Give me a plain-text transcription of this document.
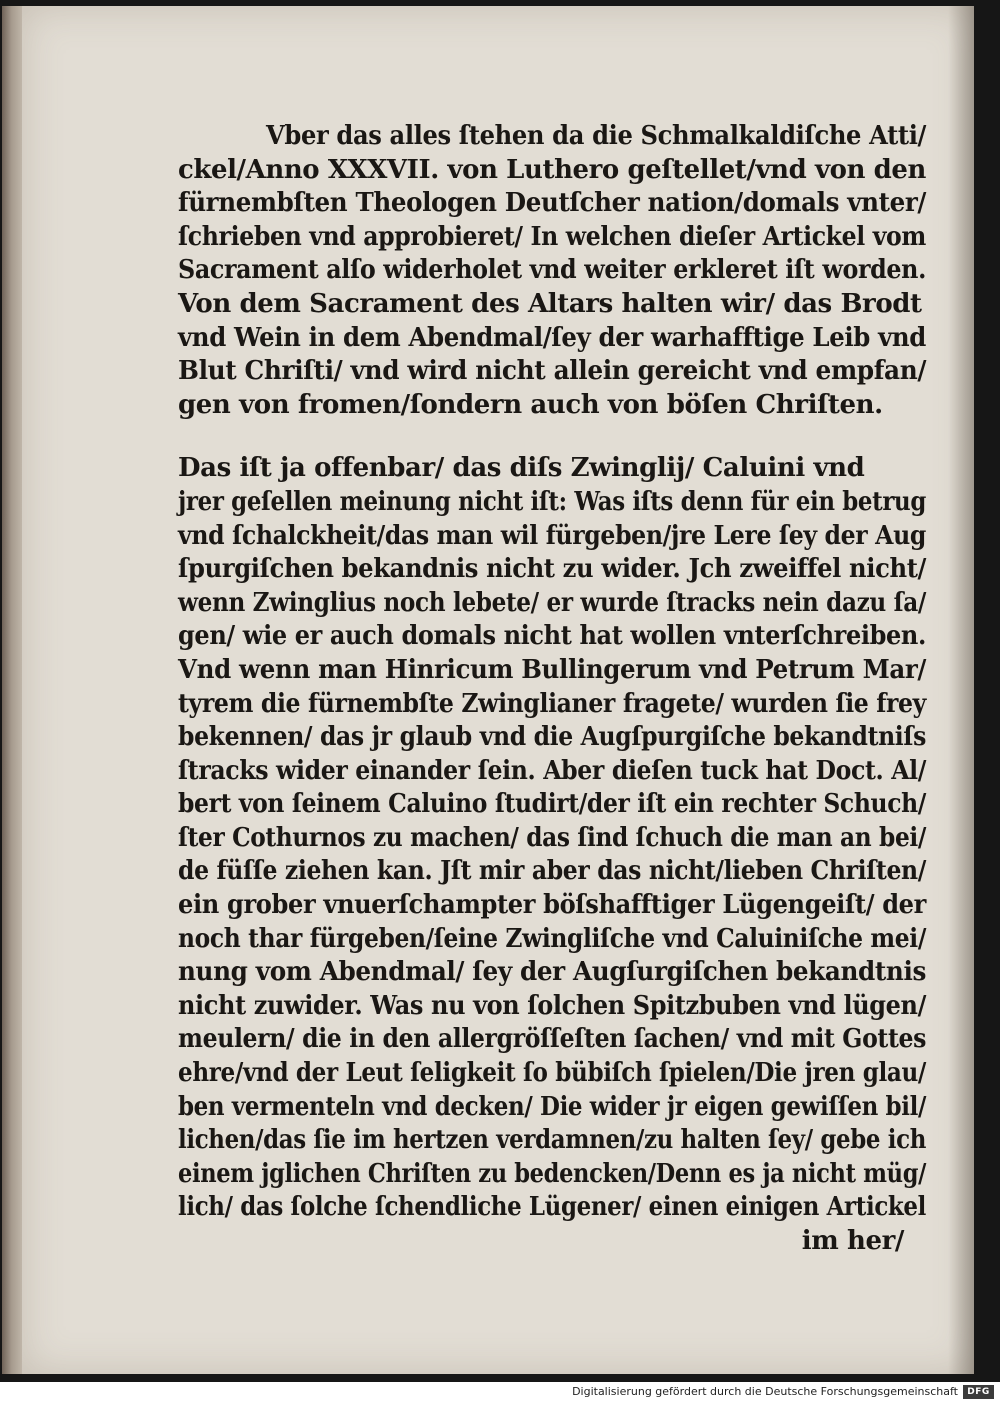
Vber das alles ſtehen da die Schmalkaldiſche Atti/
ckel/Anno XXXVII. von Luthero geſtellet/vnd von den
fürnembſten Theologen Deutſcher nation/domals vnter/
ſchrieben vnd approbieret/ In welchen dieſer Artickel vom
Sacrament alſo widerholet vnd weiter erkleret iſt worden.
Von dem Sacrament des Altars halten wir/ das Brodt
vnd Wein in dem Abendmal/ſey der warhafftige Leib vnd
Blut Chriſti/ vnd wird nicht allein gereicht vnd empfan/
gen von fromen/ſondern auch von böſen Chriſten.
Das iſt ja offenbar/ das diſs Zwinglij/ Caluini vnd
jrer geſellen meinung nicht iſt: Was iſts denn für ein betrug
vnd ſchalckheit/das man wil fürgeben/jre Lere ſey der Aug
ſpurgiſchen bekandnis nicht zu wider. Jch zweiffel nicht/
wenn Zwinglius noch lebete/ er wurde ſtracks nein dazu ſa/
gen/ wie er auch domals nicht hat wollen vnterſchreiben.
Vnd wenn man Hinricum Bullingerum vnd Petrum Mar/
tyrem die fürnembſte Zwinglianer fragete/ wurden ſie frey
bekennen/ das jr glaub vnd die Augſpurgiſche bekandtniſs
ſtracks wider einander ſein. Aber dieſen tuck hat Doct. Al/
bert von ſeinem Caluino ſtudirt/der iſt ein rechter Schuch/
ſter Cothurnos zu machen/ das ſind ſchuch die man an bei/
de füſſe ziehen kan. Jſt mir aber das nicht/lieben Chriſten/
ein grober vnuerſchampter böſshafftiger Lügengeiſt/ der
noch thar fürgeben/ſeine Zwingliſche vnd Caluiniſche mei/
nung vom Abendmal/ ſey der Augſurgiſchen bekandtnis
nicht zuwider. Was nu von ſolchen Spitzbuben vnd lügen/
meulern/ die in den allergröſſeſten ſachen/ vnd mit Gottes
ehre/vnd der Leut ſeligkeit ſo bübiſch ſpielen/Die jren glau/
ben vermenteln vnd decken/ Die wider jr eigen gewiſſen bil/
lichen/das ſie im hertzen verdamnen/zu halten ſey/ gebe ich
einem jglichen Chriſten zu bedencken/Denn es ja nicht müg/
lich/ das ſolche ſchendliche Lügener/ einen einigen Artickel
im her/
Digitalisierung gefördert durch die Deutsche Forschungsgemeinschaft	DFG
